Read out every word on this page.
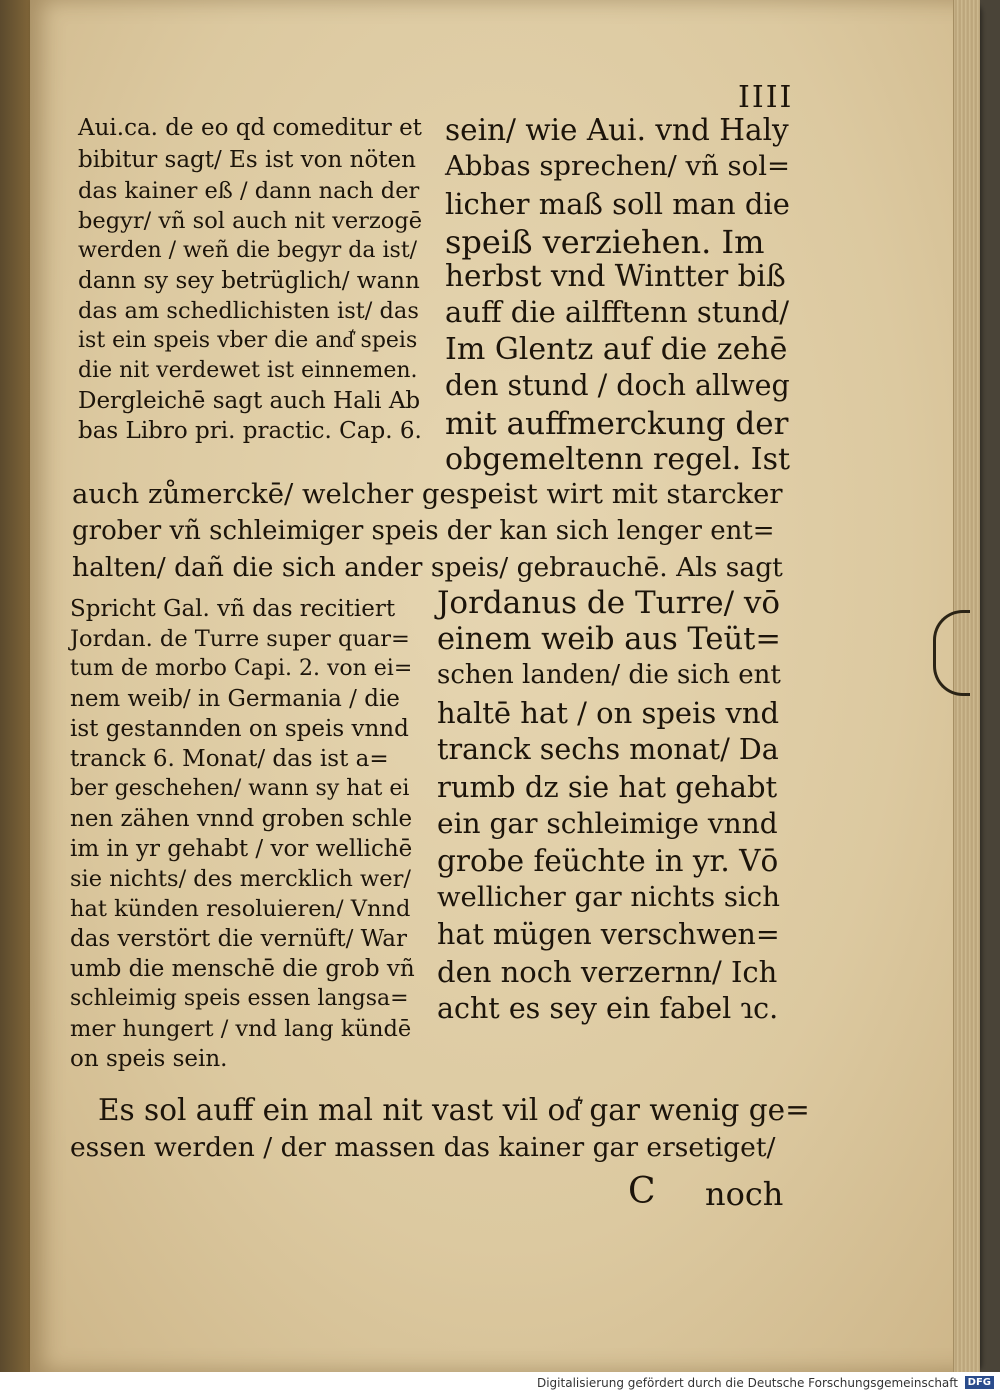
IIII
Aui.ca. de eo qd comeditur et
bibitur sagt/ Es ist von nöten
das kainer eß / dann nach der
begyr/ vñ sol auch nit verzogē
werden / weñ die begyr da ist/
dann sy sey betrüglich/ wann
das am schedlichisten ist/ das
ist ein speis vber die and͛ speis
die nit verdewet ist einnemen.
Dergleichē sagt auch Hali Ab
bas Libro pri. practic. Cap. 6.
sein/ wie Aui. vnd Haly
Abbas sprechen/ vñ sol=
licher maß soll man die
speiß verziehen. Im
herbst vnd Wintter biß
auff die ailfftenn stund/
Im Glentz auf die zehē
den stund / doch allweg
mit auffmerckung der
obgemeltenn regel. Ist
auch zůmerckē/ welcher gespeist wirt mit starcker
grober vñ schleimiger speis der kan sich lenger ent=
halten/ dañ die sich ander speis/ gebrauchē. Als sagt
Spricht Gal. vñ das recitiert
Jordan. de Turre super quar=
tum de morbo Capi. 2. von ei=
nem weib/ in Germania / die
ist gestannden on speis vnnd
tranck 6. Monat/ das ist a=
ber geschehen/ wann sy hat ei
nen zähen vnnd groben schle
im in yr gehabt / vor wellichē
sie nichts/ des mercklich wer/
hat künden resoluieren/ Vnnd
das verstört die vernüft/ War
umb die menschē die grob vñ
schleimig speis essen langsa=
mer hungert / vnd lang kündē
on speis sein.
Jordanus de Turre/ vō
einem weib aus Teüt=
schen landen/ die sich ent
haltē hat / on speis vnd
tranck sechs monat/ Da
rumb dz sie hat gehabt
ein gar schleimige vnnd
grobe feüchte in yr. Vō
wellicher gar nichts sich
hat mügen verschwen=
den noch verzernn/ Ich
acht es sey ein fabel ɿc.
Es sol auff ein mal nit vast vil od͛ gar wenig ge=
essen werden / der massen das kainer gar ersetiget/
C noch
Digitalisierung gefördert durch die Deutsche Forschungsgemeinschaft DFG
